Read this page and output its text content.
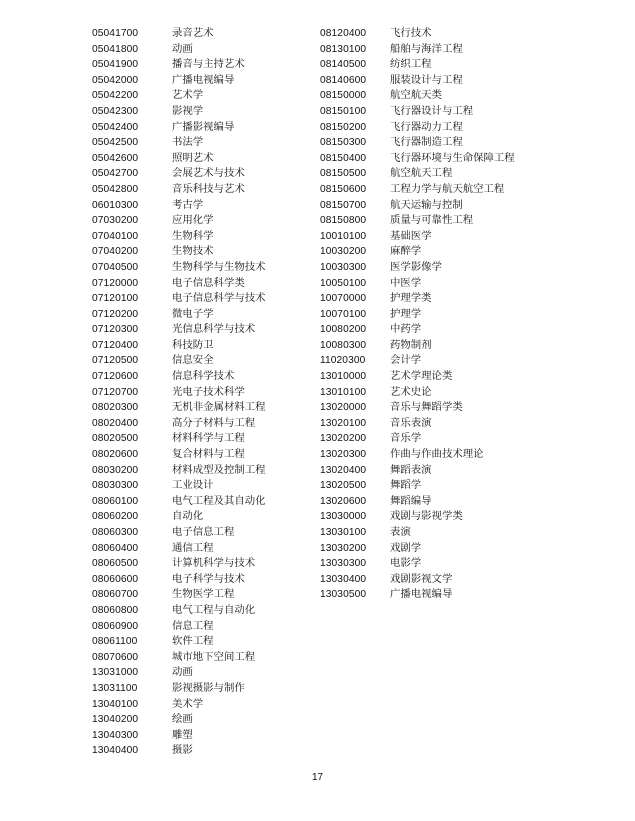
05041700	录音艺术
05041800	动画
05041900	播音与主持艺术
05042000	广播电视编导
05042200	艺术学
05042300	影视学
05042400	广播影视编导
05042500	书法学
05042600	照明艺术
05042700	会展艺术与技术
05042800	音乐科技与艺术
06010300	考古学
07030200	应用化学
07040100	生物科学
07040200	生物技术
07040500	生物科学与生物技术
07120000	电子信息科学类
07120100	电子信息科学与技术
07120200	微电子学
07120300	光信息科学与技术
07120400	科技防卫
07120500	信息安全
07120600	信息科学技术
07120700	光电子技术科学
08020300	无机非金属材料工程
08020400	高分子材料与工程
08020500	材料科学与工程
08020600	复合材料与工程
08030200	材料成型及控制工程
08030300	工业设计
08060100	电气工程及其自动化
08060200	自动化
08060300	电子信息工程
08060400	通信工程
08060500	计算机科学与技术
08060600	电子科学与技术
08060700	生物医学工程
08060800	电气工程与自动化
08060900	信息工程
08061100	软件工程
08070600	城市地下空间工程
13031000	动画
13031100	影视摄影与制作
13040100	美术学
13040200	绘画
13040300	雕塑
13040400	摄影
08120400	飞行技术
08130100	船舶与海洋工程
08140500	纺织工程
08140600	服装设计与工程
08150000	航空航天类
08150100	飞行器设计与工程
08150200	飞行器动力工程
08150300	飞行器制造工程
08150400	飞行器环境与生命保障工程
08150500	航空航天工程
08150600	工程力学与航天航空工程
08150700	航天运输与控制
08150800	质量与可靠性工程
10010100	基础医学
10030200	麻醉学
10030300	医学影像学
10050100	中医学
10070000	护理学类
10070100	护理学
10080200	中药学
10080300	药物制剂
11020300	会计学
13010000	艺术学理论类
13010100	艺术史论
13020000	音乐与舞蹈学类
13020100	音乐表演
13020200	音乐学
13020300	作曲与作曲技术理论
13020400	舞蹈表演
13020500	舞蹈学
13020600	舞蹈编导
13030000	戏剧与影视学类
13030100	表演
13030200	戏剧学
13030300	电影学
13030400	戏剧影视文学
13030500	广播电视编导
17
